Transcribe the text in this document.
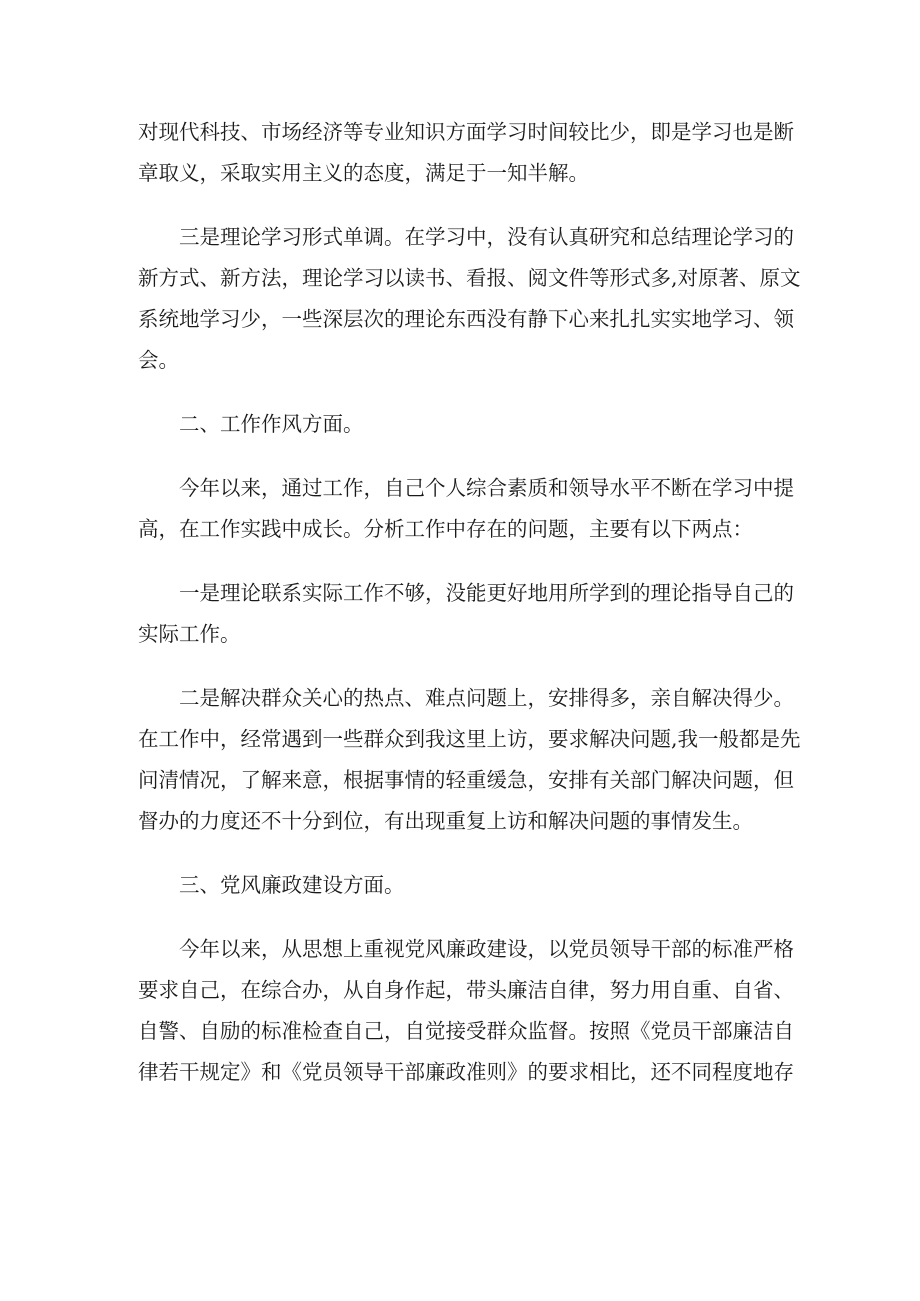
对现代科技、市场经济等专业知识方面学习时间较比少，即是学习也是断
章取义，采取实用主义的态度，满足于一知半解。
三是理论学习形式单调。在学习中，没有认真研究和总结理论学习的
新方式、新方法，理论学习以读书、看报、阅文件等形式多,对原著、原文
系统地学习少，一些深层次的理论东西没有静下心来扎扎实实地学习、领
会。
二、工作作风方面。
今年以来，通过工作，自己个人综合素质和领导水平不断在学习中提
高，在工作实践中成长。分析工作中存在的问题，主要有以下两点：
一是理论联系实际工作不够，没能更好地用所学到的理论指导自己的
实际工作。
二是解决群众关心的热点、难点问题上，安排得多，亲自解决得少。
在工作中，经常遇到一些群众到我这里上访，要求解决问题,我一般都是先
问清情况，了解来意，根据事情的轻重缓急，安排有关部门解决问题，但
督办的力度还不十分到位，有出现重复上访和解决问题的事情发生。
三、党风廉政建设方面。
今年以来，从思想上重视党风廉政建设，以党员领导干部的标准严格
要求自己，在综合办，从自身作起，带头廉洁自律，努力用自重、自省、
自警、自励的标准检查自己，自觉接受群众监督。按照《党员干部廉洁自
律若干规定》和《党员领导干部廉政准则》的要求相比，还不同程度地存
